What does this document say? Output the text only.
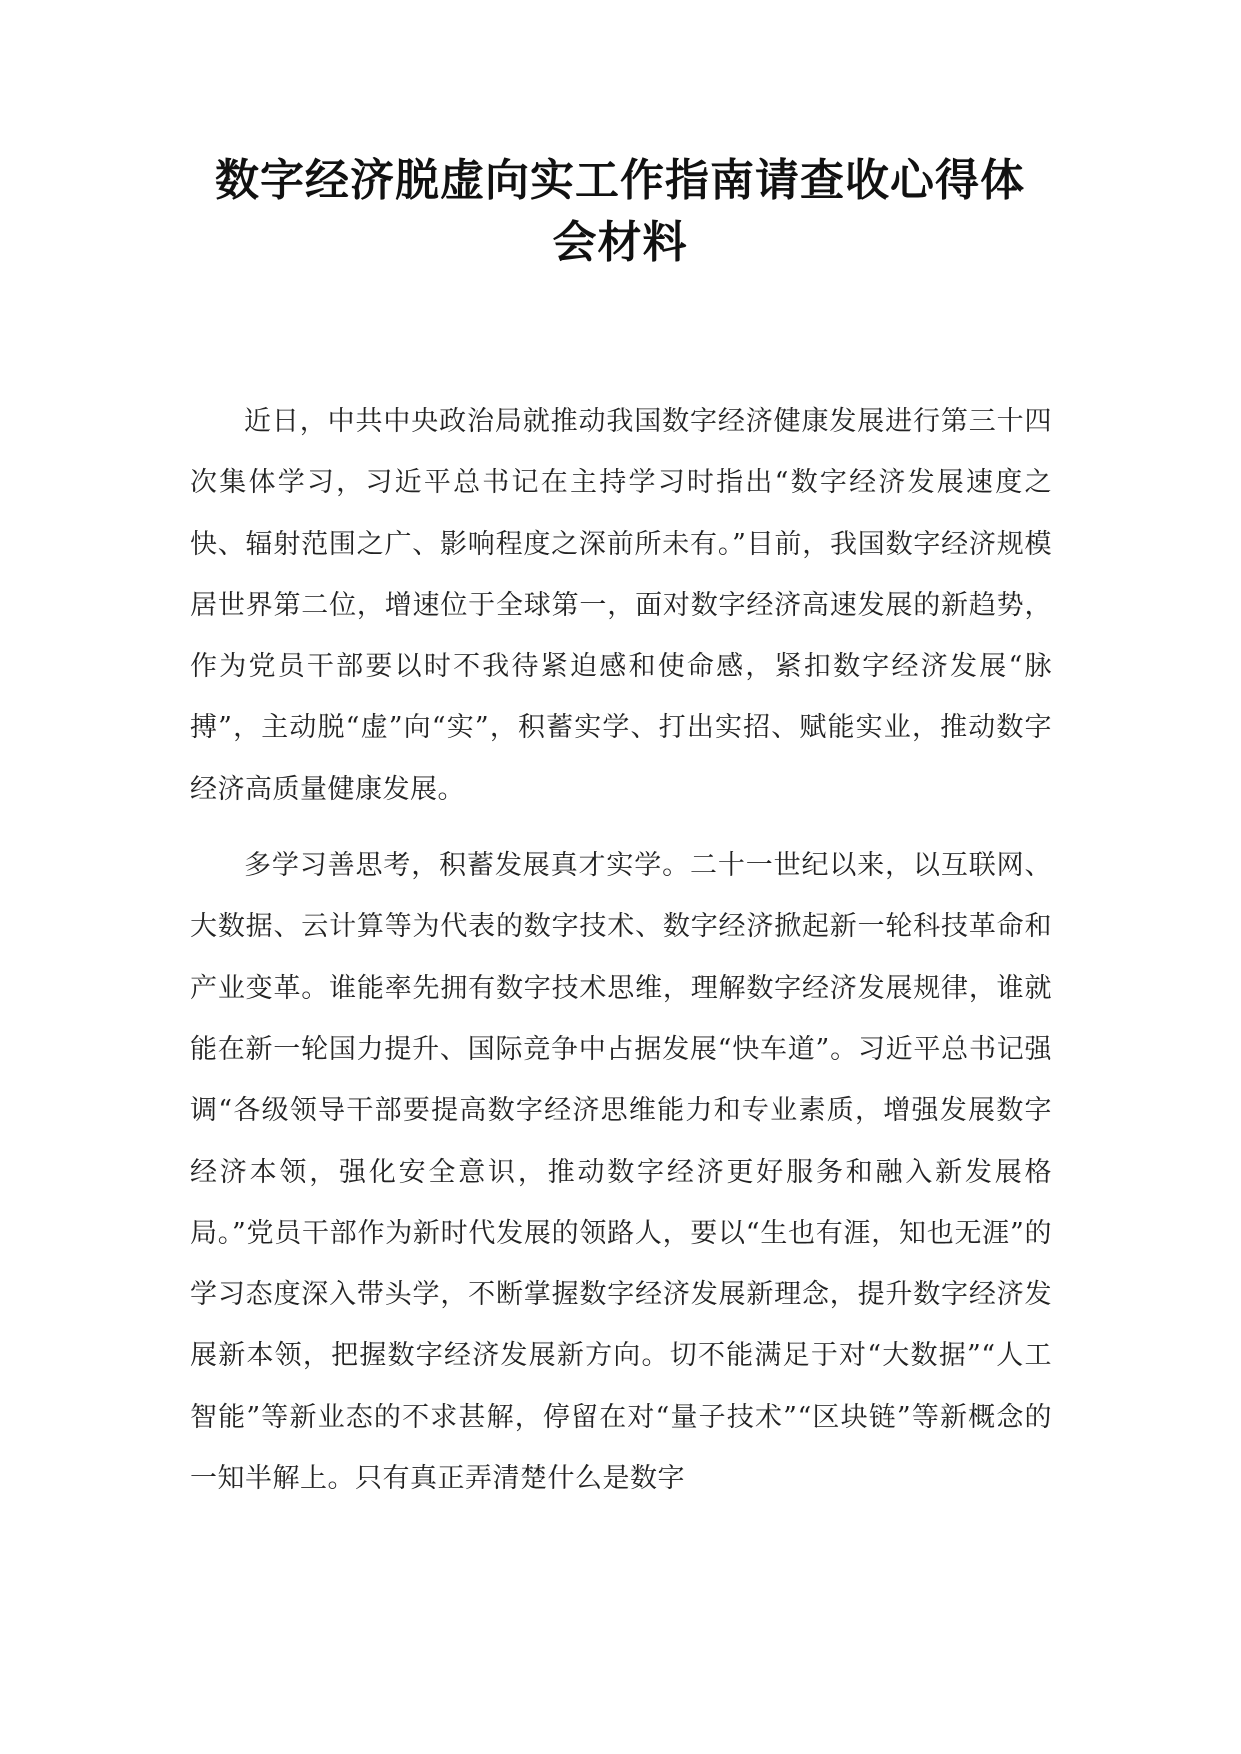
数字经济脱虚向实工作指南请查收心得体
会材料

近日，中共中央政治局就推动我国数字经济健康发展进行第三十四次集体学习，习近平总书记在主持学习时指出“数字经济发展速度之快、辐射范围之广、影响程度之深前所未有。”目前，我国数字经济规模居世界第二位，增速位于全球第一，面对数字经济高速发展的新趋势，作为党员干部要以时不我待紧迫感和使命感，紧扣数字经济发展“脉搏”，主动脱“虚”向“实”，积蓄实学、打出实招、赋能实业，推动数字经济高质量健康发展。

多学习善思考，积蓄发展真才实学。二十一世纪以来，以互联网、大数据、云计算等为代表的数字技术、数字经济掀起新一轮科技革命和产业变革。谁能率先拥有数字技术思维，理解数字经济发展规律，谁就能在新一轮国力提升、国际竞争中占据发展“快车道”。习近平总书记强调“各级领导干部要提高数字经济思维能力和专业素质，增强发展数字经济本领，强化安全意识，推动数字经济更好服务和融入新发展格局。”党员干部作为新时代发展的领路人，要以“生也有涯，知也无涯”的学习态度深入带头学，不断掌握数字经济发展新理念，提升数字经济发展新本领，把握数字经济发展新方向。切不能满足于对“大数据”“人工智能”等新业态的不求甚解，停留在对“量子技术”“区块链”等新概念的一知半解上。只有真正弄清楚什么是数字
